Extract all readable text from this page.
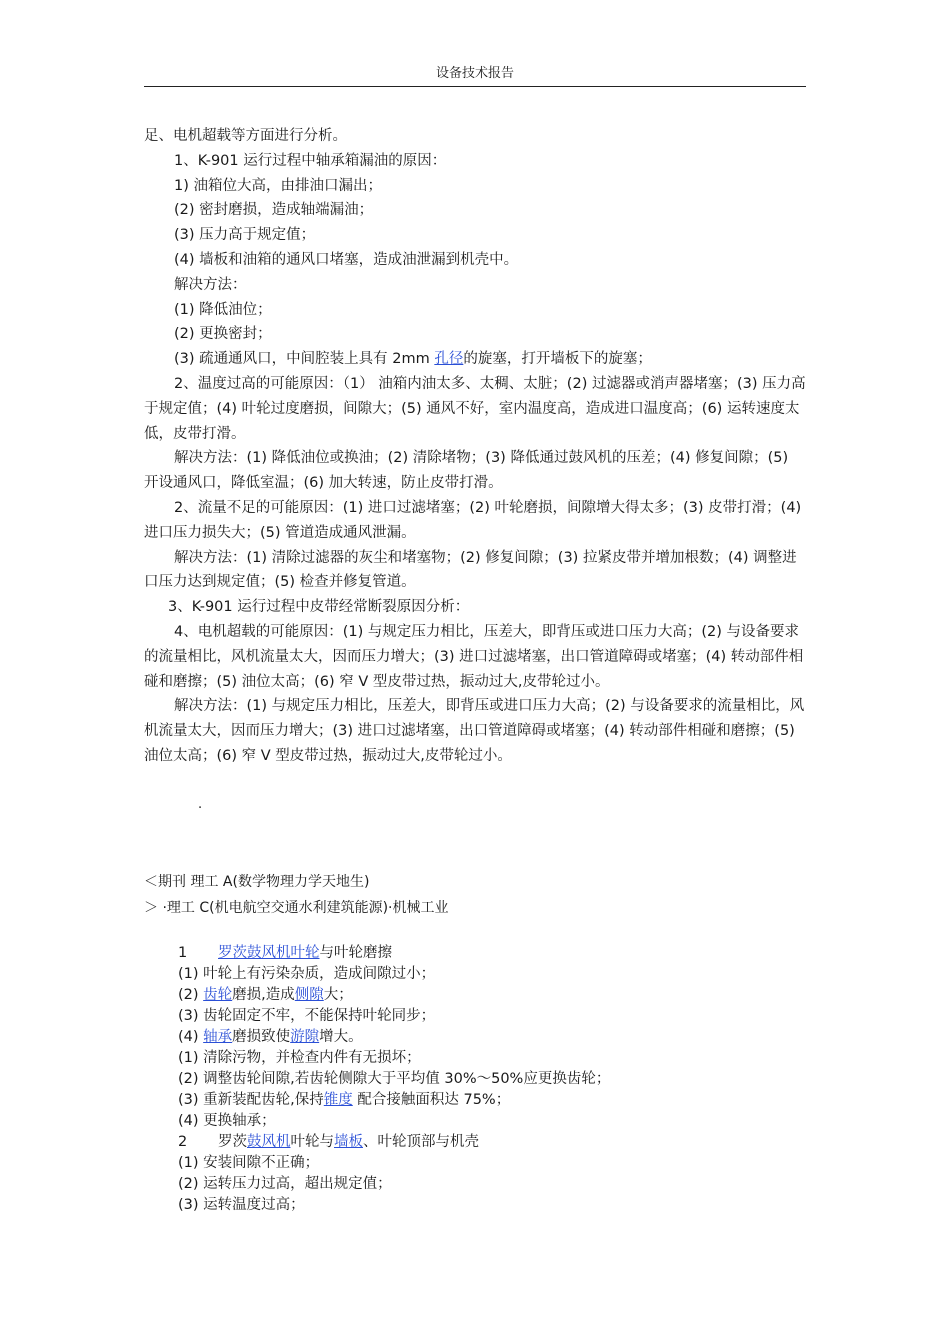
设备技术报告

足、电机超载等方面进行分析。

1、K-901 运行过程中轴承箱漏油的原因：

1) 油箱位大高，由排油口漏出；

(2) 密封磨损，造成轴端漏油；

(3) 压力高于规定值；

(4) 墙板和油箱的通风口堵塞，造成油泄漏到机壳中。

解决方法：

(1) 降低油位；

(2) 更换密封；

(3) 疏通通风口，中间腔装上具有 2mm 孔径的旋塞，打开墙板下的旋塞；

2、温度过高的可能原因：（1） 油箱内油太多、太稠、太脏；(2) 过滤器或消声器堵塞；(3) 压力高于规定值；(4) 叶轮过度磨损，间隙大；(5) 通风不好，室内温度高，造成进口温度高；(6) 运转速度太低，皮带打滑。

解决方法：(1) 降低油位或换油；(2) 清除堵物；(3) 降低通过鼓风机的压差；(4) 修复间隙；(5) 开设通风口，降低室温；(6) 加大转速，防止皮带打滑。

2、流量不足的可能原因：(1) 进口过滤堵塞；(2) 叶轮磨损，间隙增大得太多；(3) 皮带打滑；(4) 进口压力损失大；(5) 管道造成通风泄漏。

解决方法：(1) 清除过滤器的灰尘和堵塞物；(2) 修复间隙；(3) 拉紧皮带并增加根数；(4) 调整进口压力达到规定值；(5) 检查并修复管道。

3、K-901 运行过程中皮带经常断裂原因分析：

4、电机超载的可能原因：(1) 与规定压力相比，压差大，即背压或进口压力大高；(2) 与设备要求的流量相比，风机流量太大，因而压力增大；(3) 进口过滤堵塞，出口管道障碍或堵塞；(4) 转动部件相碰和磨擦；(5) 油位太高；(6) 窄 V 型皮带过热，振动过大,皮带轮过小。

解决方法：(1) 与规定压力相比，压差大，即背压或进口压力大高；(2) 与设备要求的流量相比，风机流量太大，因而压力增大；(3) 进口过滤堵塞，出口管道障碍或堵塞；(4) 转动部件相碰和磨擦；(5) 油位太高；(6) 窄 V 型皮带过热，振动过大,皮带轮过小。

.
＜期刊 理工 A(数学物理力学天地生)
＞ ·理工 C(机电航空交通水利建筑能源)·机械工业

1 罗茨鼓风机叶轮与叶轮磨擦

(1) 叶轮上有污染杂质，造成间隙过小；

(2) 齿轮磨损,造成侧隙大；

(3) 齿轮固定不牢，不能保持叶轮同步；

(4) 轴承磨损致使游隙增大。

(1) 清除污物，并检查内件有无损坏；

(2) 调整齿轮间隙,若齿轮侧隙大于平均值 30%～50%应更换齿轮；

(3) 重新装配齿轮,保持锥度 配合接触面积达 75%；

(4) 更换轴承；

2 罗茨鼓风机叶轮与墙板、叶轮顶部与机壳

(1) 安装间隙不正确；

(2) 运转压力过高，超出规定值；

(3) 运转温度过高；
